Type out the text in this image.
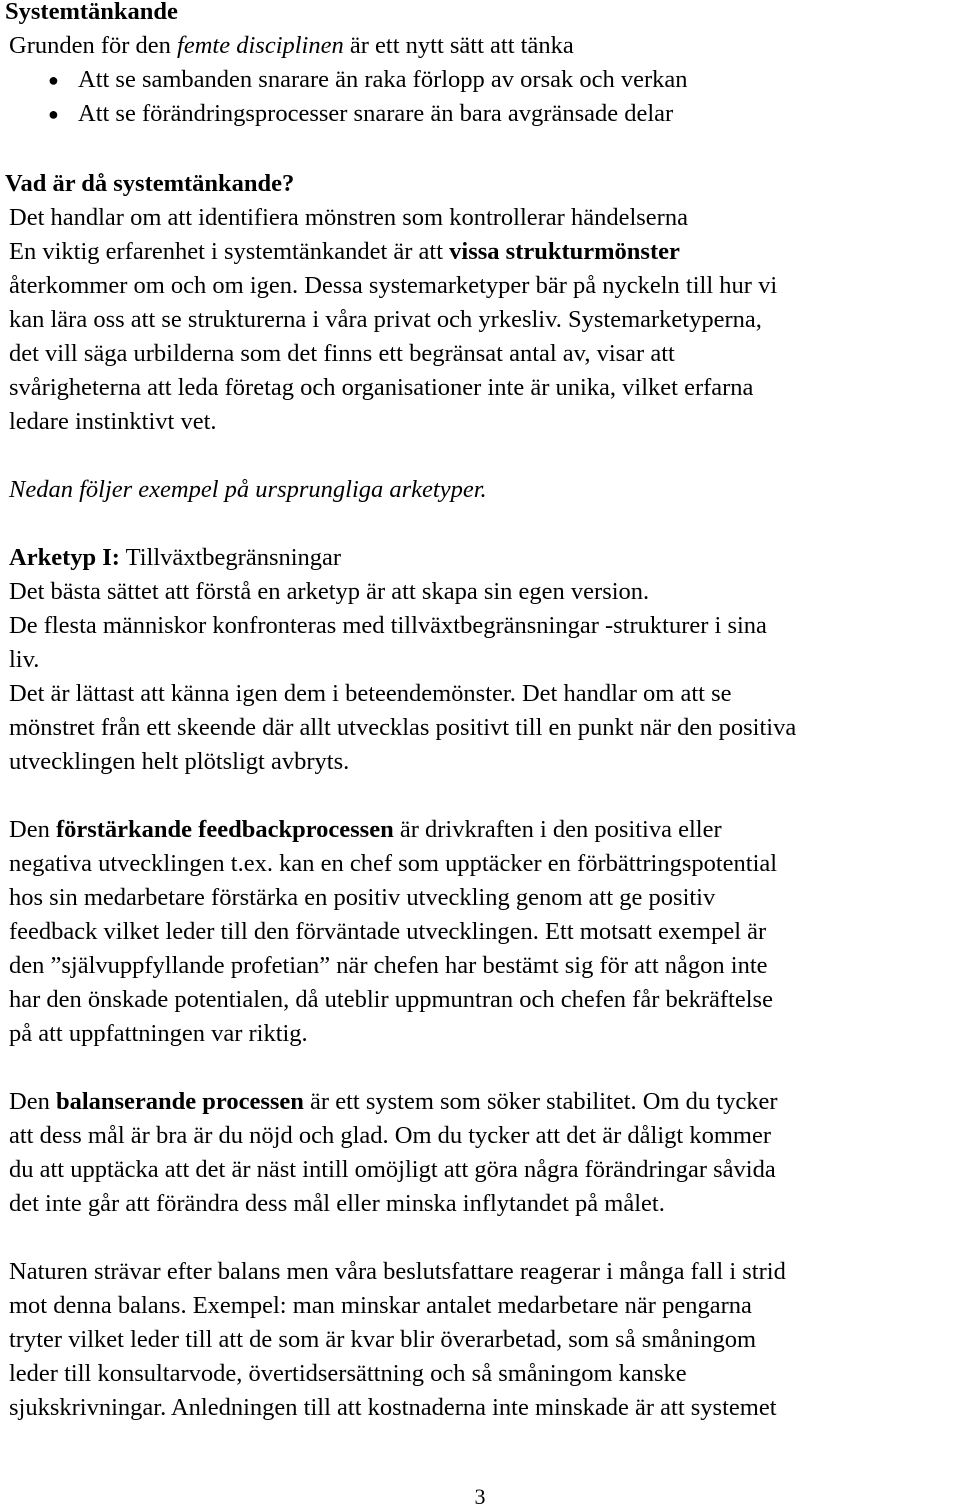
Systemtänkande
Grunden för den femte disciplinen är ett nytt sätt att tänka
● Att se sambanden snarare än raka förlopp av orsak och verkan
● Att se förändringsprocesser snarare än bara avgränsade delar
Vad är då systemtänkande?
Det handlar om att identifiera mönstren som kontrollerar händelserna
En viktig erfarenhet i systemtänkandet är att vissa strukturmönster
återkommer om och om igen. Dessa systemarketyper bär på nyckeln till hur vi
kan lära oss att se strukturerna i våra privat och yrkesliv. Systemarketyperna,
det vill säga urbilderna som det finns ett begränsat antal av, visar att
svårigheterna att leda företag och organisationer inte är unika, vilket erfarna
ledare instinktivt vet.
Nedan följer exempel på ursprungliga arketyper.
Arketyp I: Tillväxtbegränsningar
Det bästa sättet att förstå en arketyp är att skapa sin egen version.
De flesta människor konfronteras med tillväxtbegränsningar -strukturer i sina
liv.
Det är lättast att känna igen dem i beteendemönster. Det handlar om att se
mönstret från ett skeende där allt utvecklas positivt till en punkt när den positiva
utvecklingen helt plötsligt avbryts.
Den förstärkande feedbackprocessen är drivkraften i den positiva eller
negativa utvecklingen t.ex. kan en chef som upptäcker en förbättringspotential
hos sin medarbetare förstärka en positiv utveckling genom att ge positiv
feedback vilket leder till den förväntade utvecklingen. Ett motsatt exempel är
den ”självuppfyllande profetian” när chefen har bestämt sig för att någon inte
har den önskade potentialen, då uteblir uppmuntran och chefen får bekräftelse
på att uppfattningen var riktig.
Den balanserande processen är ett system som söker stabilitet. Om du tycker
att dess mål är bra är du nöjd och glad. Om du tycker att det är dåligt kommer
du att upptäcka att det är näst intill omöjligt att göra några förändringar såvida
det inte går att förändra dess mål eller minska inflytandet på målet.
Naturen strävar efter balans men våra beslutsfattare reagerar i många fall i strid
mot denna balans. Exempel: man minskar antalet medarbetare när pengarna
tryter vilket leder till att de som är kvar blir överarbetad, som så småningom
leder till konsultarvode, övertidsersättning och så småningom kanske
sjukskrivningar. Anledningen till att kostnaderna inte minskade är att systemet
3
